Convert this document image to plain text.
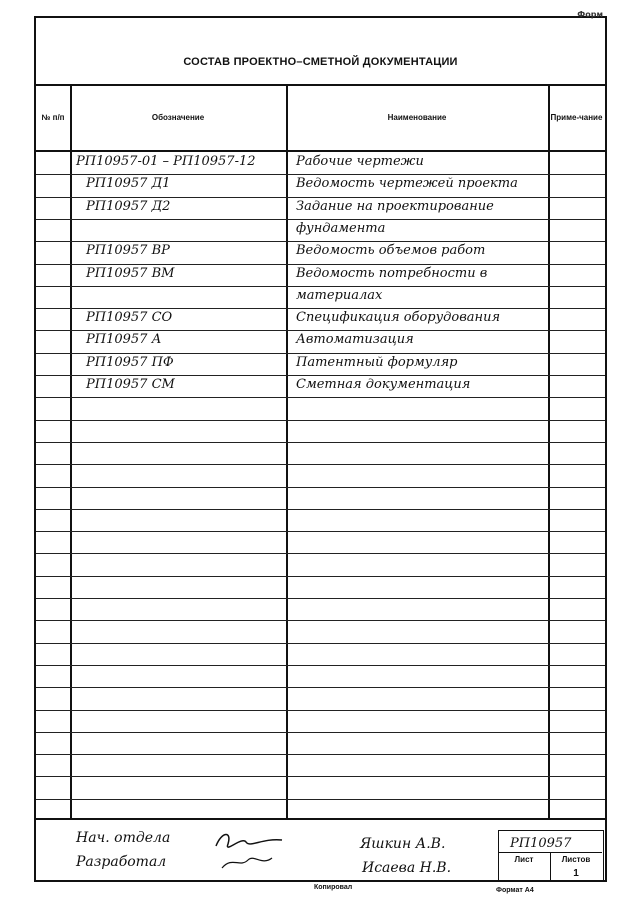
СОСТАВ ПРОЕКТНО–СМЕТНОЙ ДОКУМЕНТАЦИИ
№ п/п	Обозначение	Наименование	Приме-чание
РП10957-01 – РП10957-12	Рабочие чертежи
РП10957 Д1	Ведомость чертежей проекта
РП10957 Д2	Задание на проектирование
фундамента
РП10957 ВР	Ведомость объемов работ
РП10957 ВМ	Ведомость потребности в
материалах
РП10957 СО	Спецификация оборудования
РП10957 А	Автоматизация
РП10957 ПФ	Патентный формуляр
РП10957 СМ	Сметная документация
Нач. отдела
Разработал
Яшкин А.В.
Исаева Н.В.
РП10957
Лист	Листов
1
Копировал	Формат А4
Форм
